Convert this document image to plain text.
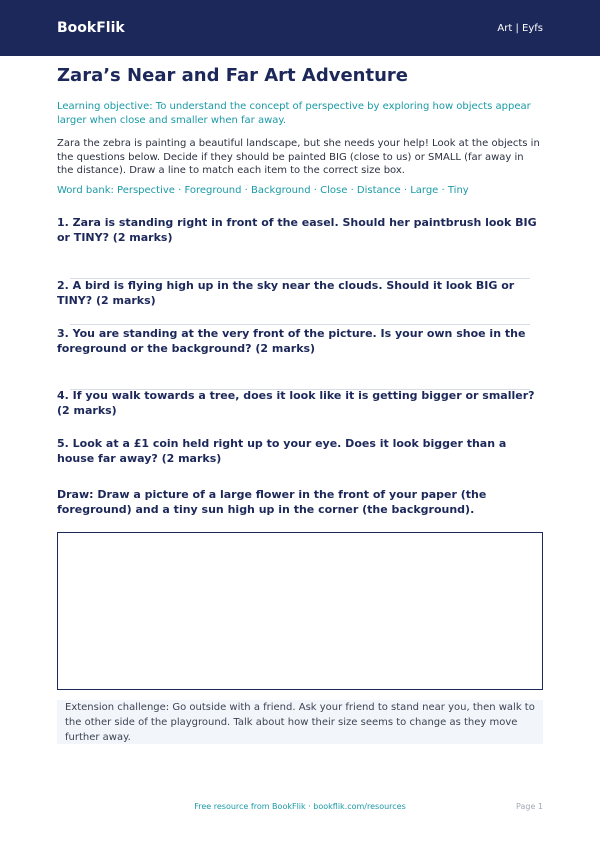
BookFlik	Art | Eyfs
Zara’s Near and Far Art Adventure
Learning objective: To understand the concept of perspective by exploring how objects appear larger when close and smaller when far away.
Zara the zebra is painting a beautiful landscape, but she needs your help! Look at the objects in the questions below. Decide if they should be painted BIG (close to us) or SMALL (far away in the distance). Draw a line to match each item to the correct size box.
Word bank: Perspective · Foreground · Background · Close · Distance · Large · Tiny
1. Zara is standing right in front of the easel. Should her paintbrush look BIG or TINY? (2 marks)
2. A bird is flying high up in the sky near the clouds. Should it look BIG or TINY? (2 marks)
3. You are standing at the very front of the picture. Is your own shoe in the foreground or the background? (2 marks)
4. If you walk towards a tree, does it look like it is getting bigger or smaller? (2 marks)
5. Look at a £1 coin held right up to your eye. Does it look bigger than a house far away? (2 marks)
Draw: Draw a picture of a large flower in the front of your paper (the foreground) and a tiny sun high up in the corner (the background).
Extension challenge: Go outside with a friend. Ask your friend to stand near you, then walk to the other side of the playground. Talk about how their size seems to change as they move further away.
Free resource from BookFlik · bookflik.com/resources	Page 1
